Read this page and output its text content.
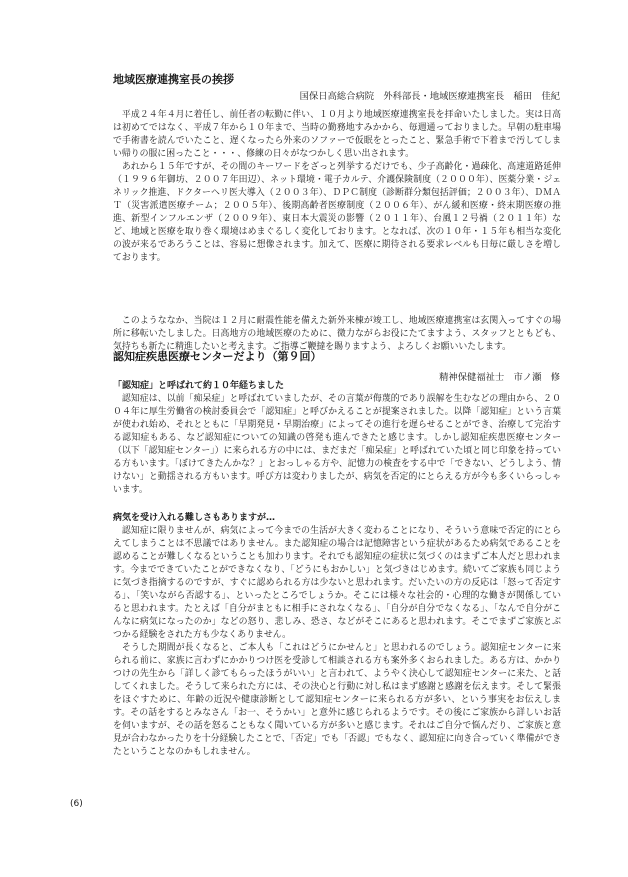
地域医療連携室長の挨拶
国保日高総合病院　外科部長・地域医療連携室長　稲田　佳紀

平成２４年４月に着任し、前任者の転勤に伴い、１０月より地域医療連携室長を拝命いたしました。実は日高は初めてではなく、平成７年から１０年まで、当時の勤務地すみかから、毎週通っておりました。早朝の駐車場で手術書を読んでいたこと、遅くなったら外来のソファーで仮眠をとったこと、緊急手術で下着まで汚してしまい帰りの服に困ったこと・・・、修練の日々がなつかしく思い出されます。

あれから１５年ですが、その間のキーワードをざっと列挙するだけでも、少子高齢化・過疎化、高速道路延伸（１９９６年御坊、２００７年田辺）、ネット環境・電子カルテ、介護保険制度（２０００年）、医薬分業・ジェネリック推進、ドクターヘリ医大導入（２００３年）、ＤＰＣ制度（診断群分類包括評価；２００３年）、ＤＭＡＴ（災害派遣医療チーム；２００５年）、後期高齢者医療制度（２００６年）、がん緩和医療・終末期医療の推進、新型インフルエンザ（２００９年）、東日本大震災の影響（２０１１年）、台風１２号禍（２０１１年）など、地域と医療を取り巻く環境はめまぐるしく変化しております。となれば、次の１０年・１５年も相当な変化の波が来るであろうことは、容易に想像されます。加えて、医療に期待される要求レベルも日毎に厳しさを増しております。

このようななか、当院は１２月に耐震性能を備えた新外来棟が竣工し、地域医療連携室は玄関入ってすぐの場所に移転いたしました。日高地方の地域医療のために、微力ながらお役にたてますよう、スタッフとともども、気持ちも新たに精進したいと考えます。ご指導ご鞭撻を賜りますよう、よろしくお願いいたします。

認知症疾患医療センターだより（第９回）
精神保健福祉士　市ノ瀬　修
「認知症」と呼ばれて約１０年経ちました

認知症は、以前「痴呆症」と呼ばれていましたが、その言葉が侮蔑的であり誤解を生むなどの理由から、２００４年に厚生労働省の検討委員会で「認知症」と呼びかえることが提案されました。以降「認知症」という言葉が使われ始め、それとともに「早期発見・早期治療」によってその進行を遅らせることができ、治療して完治する認知症もある、など認知症についての知識の啓発も進んできたと感じます。しかし認知症疾患医療センター（以下「認知症センター」）に来られる方の中には、まだまだ「痴呆症」と呼ばれていた頃と同じ印象を持っている方もいます。「ぼけてきたんかな？」とおっしゃる方や、記憶力の検査をする中で「できない、どうしよう、情けない」と動揺される方もいます。呼び方は変わりましたが、病気を否定的にとらえる方が今も多くいらっしゃいます。

病気を受け入れる難しさもありますが…

認知症に限りませんが、病気によって今までの生活が大きく変わることになり、そういう意味で否定的にとらえてしまうことは不思議ではありません。また認知症の場合は記憶障害という症状があるため病気であることを認めることが難しくなるということも加わります。それでも認知症の症状に気づくのはまずご本人だと思われます。今までできていたことができなくなり、「どうにもおかしい」と気づきはじめます。続いてご家族も同じように気づき指摘するのですが、すぐに認められる方は少ないと思われます。だいたいの方の反応は「怒って否定する」、「笑いながら否認する」、といったところでしょうか。そこには様々な社会的・心理的な働きが関係していると思われます。たとえば「自分がまともに相手にされなくなる」、「自分が自分でなくなる」、「なんで自分がこんなに病気になったのか」などの怒り、悲しみ、恐さ、などがそこにあると思われます。そこでまずご家族とぶつかる経験をされた方も少なくありません。

そうした期間が長くなると、ご本人も「これはどうにかせんと」と思われるのでしょう。認知症センターに来られる前に、家族に言わずにかかりつけ医を受診して相談される方も案外多くおられました。ある方は、かかりつけの先生から「詳しく診てもらったほうがいい」と言われて、ようやく決心して認知症センターに来た、と話してくれました。そうして来られた方には、その決心と行動に対し私はまず感謝と感謝を伝えます。そして緊張をほぐすために、年齢の近況や健康診断として認知症センターに来られる方が多い、という事実をお伝えします。その話をするとみなさん「お一、そうかい」と意外に感じられるようです。その後にご家族から詳しいお話を伺いますが、その話を怒ることもなく聞いている方が多いと感じます。それはご自分で悩んだり、ご家族と意見が合わなかったりを十分経験したことで、「否定」でも「否認」でもなく、認知症に向き合っていく準備ができたということなのかもしれません。

(6)
